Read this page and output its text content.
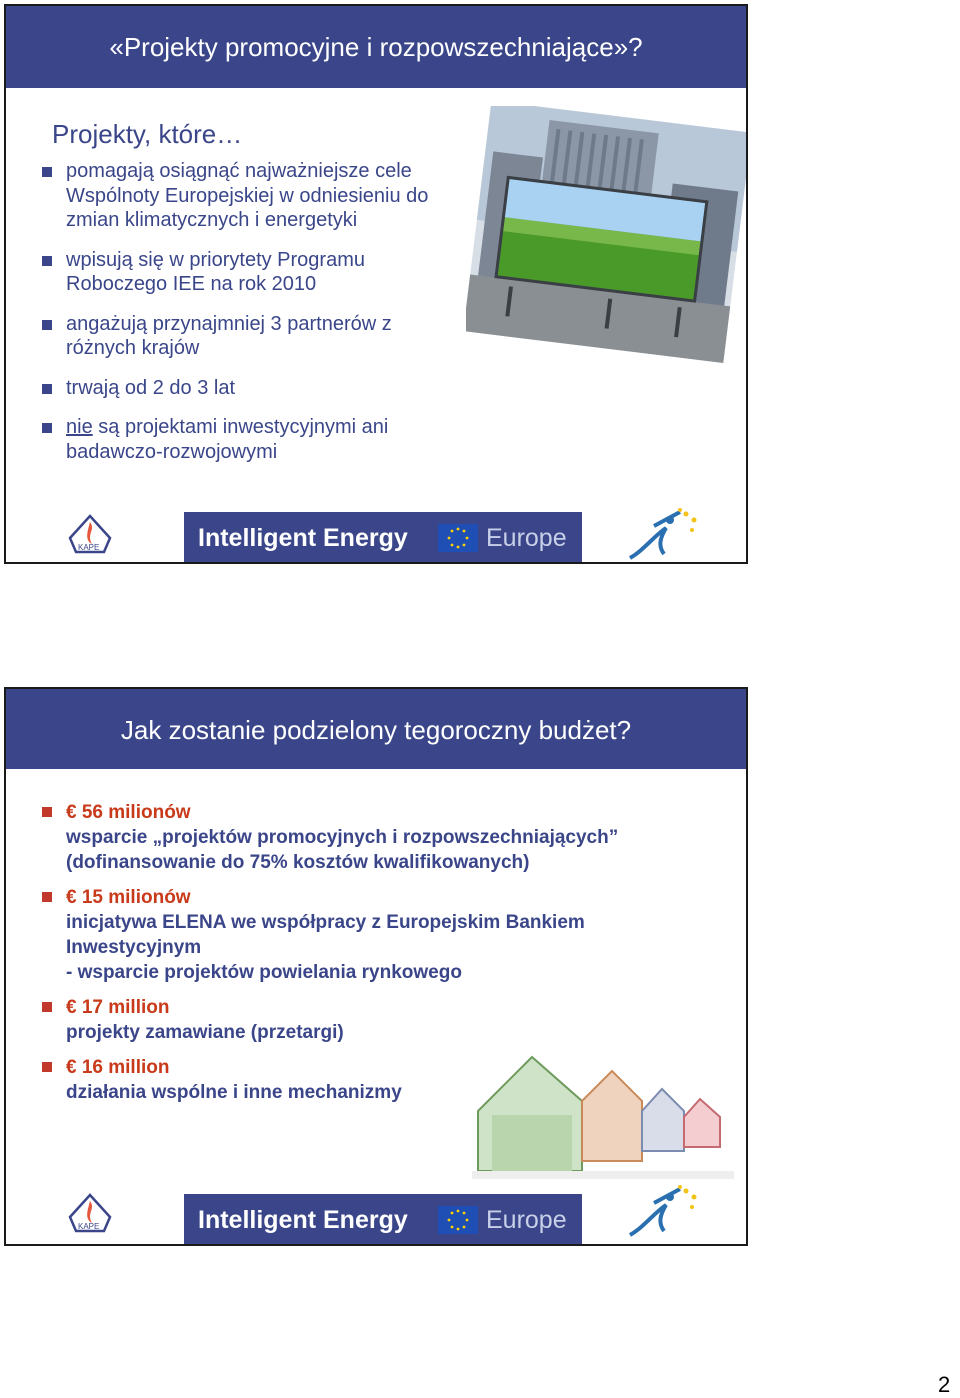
«Projekty promocyjne i rozpowszechniające»?
Projekty, które…
pomagają osiągnąć najważniejsze cele Wspólnoty Europejskiej w odniesieniu do zmian klimatycznych i energetyki
wpisują się w priorytety Programu Roboczego IEE na rok 2010
angażują przynajmniej 3 partnerów z różnych krajów
trwają od 2 do 3 lat
nie są projektami inwestycyjnymi ani badawczo-rozwojowymi
KAPE	Intelligent Energy	Europe
Jak zostanie podzielony tegoroczny budżet?
KAPE	Intelligent Energy	Europe
€ 56 milionów
wsparcie „projektów promocyjnych i rozpowszechniających”
(dofinansowanie do 75% kosztów kwalifikowanych)
€ 15 milionów
inicjatywa ELENA we współpracy z Europejskim Bankiem
Inwestycyjnym
- wsparcie projektów powielania rynkowego
€ 17 million
projekty zamawiane (przetargi)
€ 16 million
działania wspólne i inne mechanizmy
2
